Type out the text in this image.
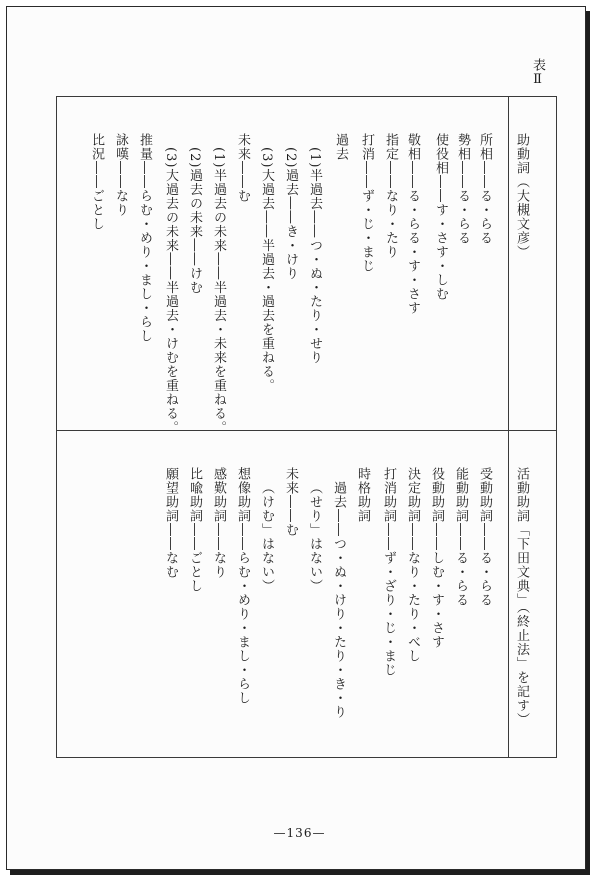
表Ⅱ
助動詞（大槻文彦）
所相――る・らる
勢相――る・らる
使役相――す・さす・しむ
敬相――る・らる・す・さす
指定――なり・たり
打消――ず・じ・まじ
過去
(1)半過去――つ・ぬ・たり・せり
(2)過去――き・けり
(3)大過去――半過去・過去を重ねる。
未来――む
(1)半過去の未来――半過去・未来を重ねる。
(2)過去の未来――けむ
(3)大過去の未来――半過去・けむを重ねる。
推量――らむ・めり・まし・らし
詠嘆――なり
比況――ごとし
活動助詞「下田文典」（終止法」を記す）
受動助詞――る・らる
能動助詞――る・らる
役動助詞――しむ・す・さす
決定助詞――なり・たり・べし
打消助詞――ず・ざり・じ・まじ
時格助詞
過去――つ・ぬ・けり・たり・き・り
（せり」はない）
未来――む
（けむ」はない）
想像助詞――らむ・めり・まし・らし
感歎助詞――なり
比喩助詞――ごとし
願望助詞――なむ
—136—
